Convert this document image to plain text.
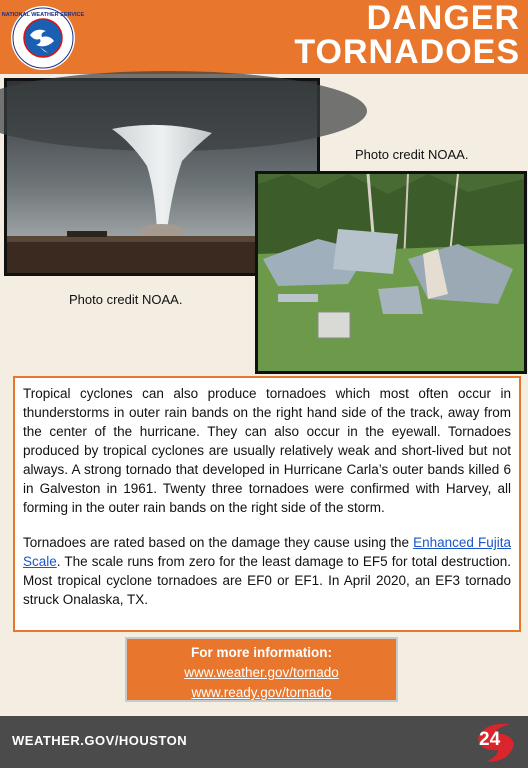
NATIONAL WEATHER SERVICE	DANGER
TORNADOES
Photo credit NOAA.
Photo credit NOAA.

Tropical cyclones can also produce tornadoes which most often occur in thunderstorms in outer rain bands on the right hand side of the track, away from the center of the hurricane. They can also occur in the eyewall. Tornadoes produced by tropical cyclones are usually relatively weak and short-lived but not always. A strong tornado that developed in Hurricane Carla’s outer bands killed 6 in Galveston in 1961. Twenty three tornadoes were confirmed with Harvey, all forming in the outer rain bands on the right side of the storm.

Tornadoes are rated based on the damage they cause using the Enhanced Fujita Scale. The scale runs from zero for the least damage to EF5 for total destruction. Most tropical cyclone tornadoes are EF0 or EF1. In April 2020, an EF3 tornado struck Onalaska, TX.

For more information:
www.weather.gov/tornado
www.ready.gov/tornado
WEATHER.GOV/HOUSTON	24
